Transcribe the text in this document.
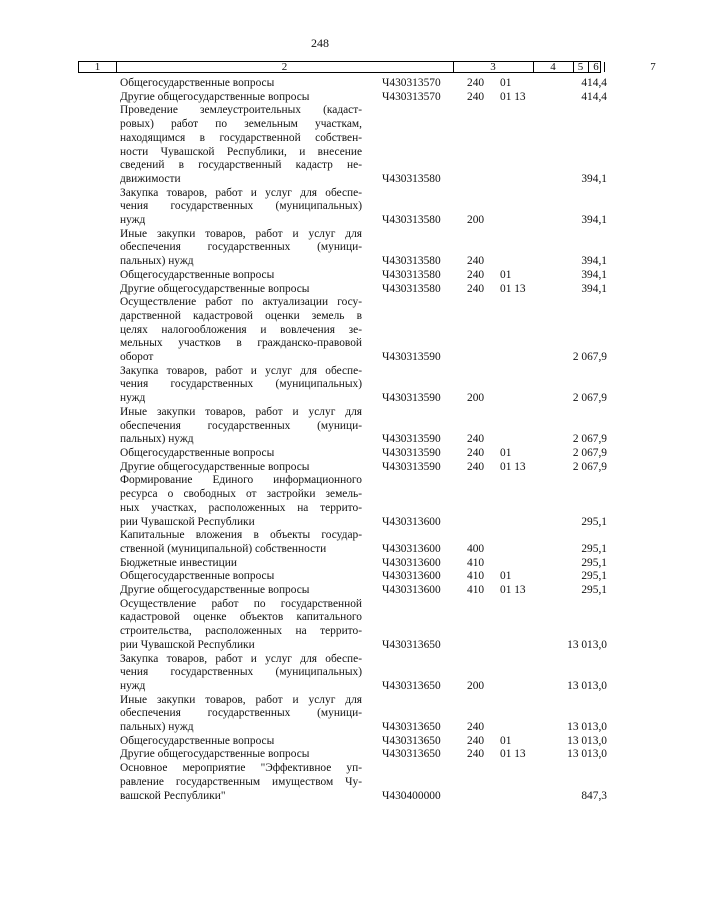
248
1	2	3	4	5 6	7
Общегосударственные вопросы	Ч430313570 240 01	414,4
Другие общегосударственные вопросы	Ч430313570 240 01 13	414,4
Проведение землеустроительных (кадаст-
ровых) работ по земельным участкам,
находящимся в государственной собствен-
ности Чувашской Республики, и внесение
сведений в государственный кадастр не-
движимости	Ч430313580	394,1
Закупка товаров, работ и услуг для обеспе-
чения государственных (муниципальных)
нужд	Ч430313580 200	394,1
Иные закупки товаров, работ и услуг для
обеспечения государственных (муници-
пальных) нужд	Ч430313580 240	394,1
Общегосударственные вопросы	Ч430313580 240 01	394,1
Другие общегосударственные вопросы	Ч430313580 240 01 13	394,1
Осуществление работ по актуализации госу-
дарственной кадастровой оценки земель в
целях налогообложения и вовлечения зе-
мельных участков в гражданско-правовой
оборот	Ч430313590	2 067,9
Закупка товаров, работ и услуг для обеспе-
чения государственных (муниципальных)
нужд	Ч430313590 200	2 067,9
Иные закупки товаров, работ и услуг для
обеспечения государственных (муници-
пальных) нужд	Ч430313590 240	2 067,9
Общегосударственные вопросы	Ч430313590 240 01	2 067,9
Другие общегосударственные вопросы	Ч430313590 240 01 13	2 067,9
Формирование Единого информационного
ресурса о свободных от застройки земель-
ных участках, расположенных на террито-
рии Чувашской Республики	Ч430313600	295,1
Капитальные вложения в объекты государ-
ственной (муниципальной) собственности	Ч430313600 400	295,1
Бюджетные инвестиции	Ч430313600 410	295,1
Общегосударственные вопросы	Ч430313600 410 01	295,1
Другие общегосударственные вопросы	Ч430313600 410 01 13	295,1
Осуществление работ по государственной
кадастровой оценке объектов капитального
строительства, расположенных на террито-
рии Чувашской Республики	Ч430313650	13 013,0
Закупка товаров, работ и услуг для обеспе-
чения государственных (муниципальных)
нужд	Ч430313650 200	13 013,0
Иные закупки товаров, работ и услуг для
обеспечения государственных (муници-
пальных) нужд	Ч430313650 240	13 013,0
Общегосударственные вопросы	Ч430313650 240 01	13 013,0
Другие общегосударственные вопросы	Ч430313650 240 01 13	13 013,0
Основное мероприятие "Эффективное уп-
равление государственным имуществом Чу-
вашской Республики"	Ч430400000	847,3
